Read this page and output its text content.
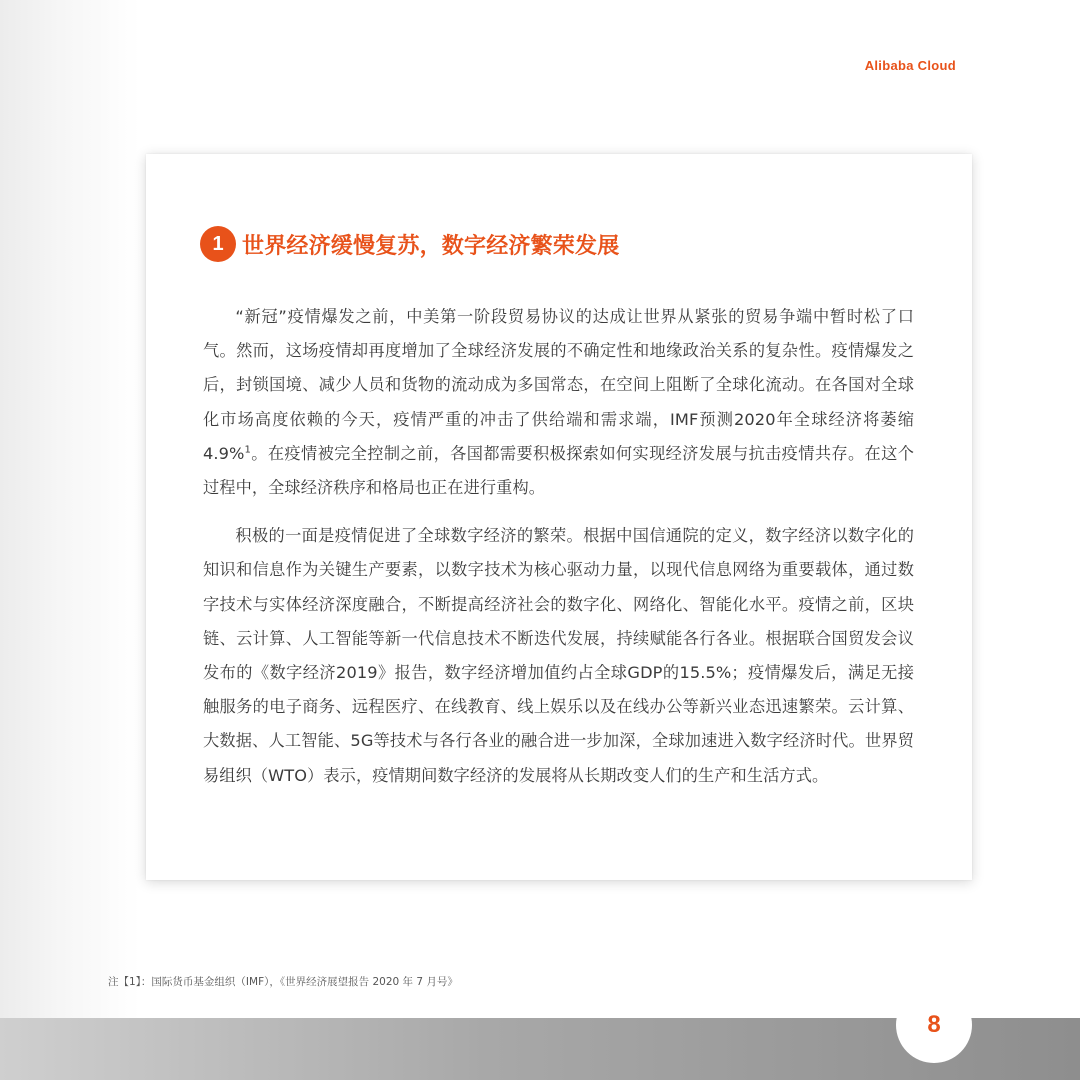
Alibaba Cloud
1 世界经济缓慢复苏，数字经济繁荣发展

“新冠”疫情爆发之前，中美第一阶段贸易协议的达成让世界从紧张的贸易争端中暂时松了口气。然而，这场疫情却再度增加了全球经济发展的不确定性和地缘政治关系的复杂性。疫情爆发之后，封锁国境、减少人员和货物的流动成为多国常态，在空间上阻断了全球化流动。在各国对全球化市场高度依赖的今天，疫情严重的冲击了供给端和需求端，IMF预测2020年全球经济将萎缩4.9%$^1$。在疫情被完全控制之前，各国都需要积极探索如何实现经济发展与抗击疫情共存。在这个过程中，全球经济秩序和格局也正在进行重构。

积极的一面是疫情促进了全球数字经济的繁荣。根据中国信通院的定义，数字经济以数字化的知识和信息作为关键生产要素，以数字技术为核心驱动力量，以现代信息网络为重要载体，通过数字技术与实体经济深度融合，不断提高经济社会的数字化、网络化、智能化水平。疫情之前，区块链、云计算、人工智能等新一代信息技术不断迭代发展，持续赋能各行各业。根据联合国贸发会议发布的《数字经济2019》报告，数字经济增加值约占全球GDP的15.5%；疫情爆发后，满足无接触服务的电子商务、远程医疗、在线教育、线上娱乐以及在线办公等新兴业态迅速繁荣。云计算、大数据、人工智能、5G等技术与各行各业的融合进一步加深，全球加速进入数字经济时代。世界贸易组织（WTO）表示，疫情期间数字经济的发展将从长期改变人们的生产和生活方式。

注【1】：国际货币基金组织（IMF），《世界经济展望报告 2020 年 7 月号》
8
